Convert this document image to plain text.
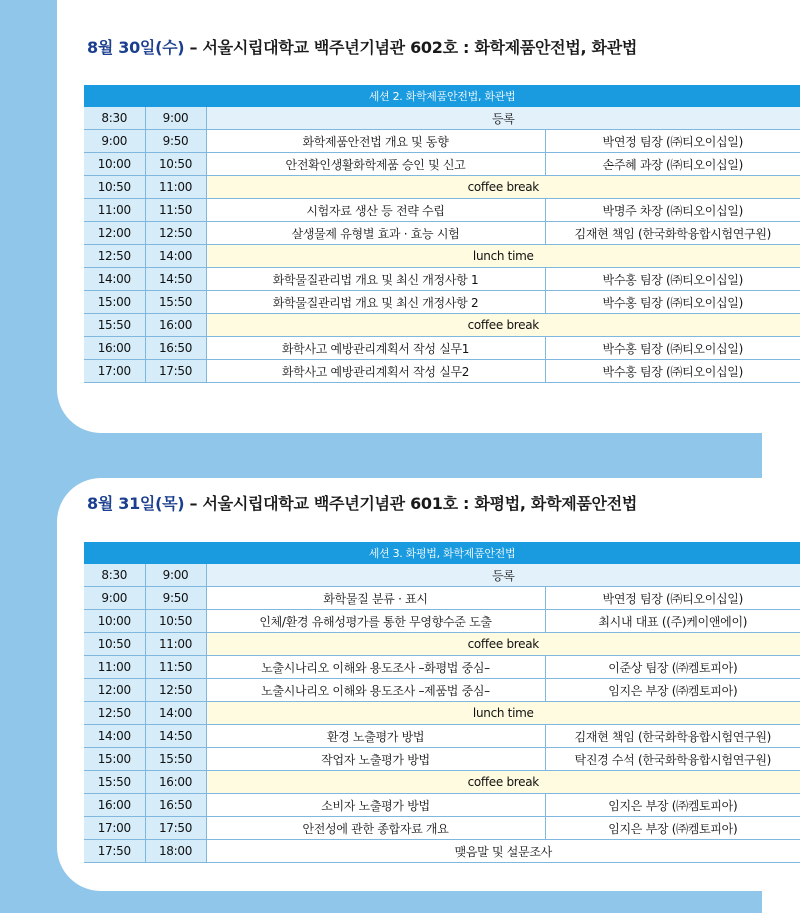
8월 30일(수) – 서울시립대학교 백주년기념관 602호 : 화학제품안전법, 화관법
세션 2. 화학제품안전법, 화관법			
8:30	9:00	등록	
9:00	9:50	화학제품안전법 개요 및 동향	박연정 팀장 (㈜티오이십일)
10:00	10:50	안전확인생활화학제품 승인 및 신고	손주혜 과장 (㈜티오이십일)
10:50	11:00	coffee break	
11:00	11:50	시험자료 생산 등 전략 수립	박명주 차장 (㈜티오이십일)
12:00	12:50	살생물제 유형별 효과 · 효능 시험	김재현 책임 (한국화학융합시험연구원)
12:50	14:00	lunch time	
14:00	14:50	화학물질관리법 개요 및 최신 개정사항 1	박수홍 팀장 (㈜티오이십일)
15:00	15:50	화학물질관리법 개요 및 최신 개정사항 2	박수홍 팀장 (㈜티오이십일)
15:50	16:00	coffee break	
16:00	16:50	화학사고 예방관리계획서 작성 실무1	박수홍 팀장 (㈜티오이십일)
17:00	17:50	화학사고 예방관리계획서 작성 실무2	박수홍 팀장 (㈜티오이십일)
8월 31일(목) – 서울시립대학교 백주년기념관 601호 : 화평법, 화학제품안전법
세션 3. 화평법, 화학제품안전법			
8:30	9:00	등록	
9:00	9:50	화학물질 분류 · 표시	박연정 팀장 (㈜티오이십일)
10:00	10:50	인체/환경 유해성평가를 통한 무영향수준 도출	최시내 대표 ((주)케이앤에이)
10:50	11:00	coffee break	
11:00	11:50	노출시나리오 이해와 용도조사 –화평법 중심–	이준상 팀장 (㈜켐토피아)
12:00	12:50	노출시나리오 이해와 용도조사 –제품법 중심–	임지은 부장 (㈜켐토피아)
12:50	14:00	lunch time	
14:00	14:50	환경 노출평가 방법	김재현 책임 (한국화학융합시험연구원)
15:00	15:50	작업자 노출평가 방법	탁진경 수석 (한국화학융합시험연구원)
15:50	16:00	coffee break	
16:00	16:50	소비자 노출평가 방법	임지은 부장 (㈜켐토피아)
17:00	17:50	안전성에 관한 종합자료 개요	임지은 부장 (㈜켐토피아)
17:50	18:00	맺음말 및 설문조사	
